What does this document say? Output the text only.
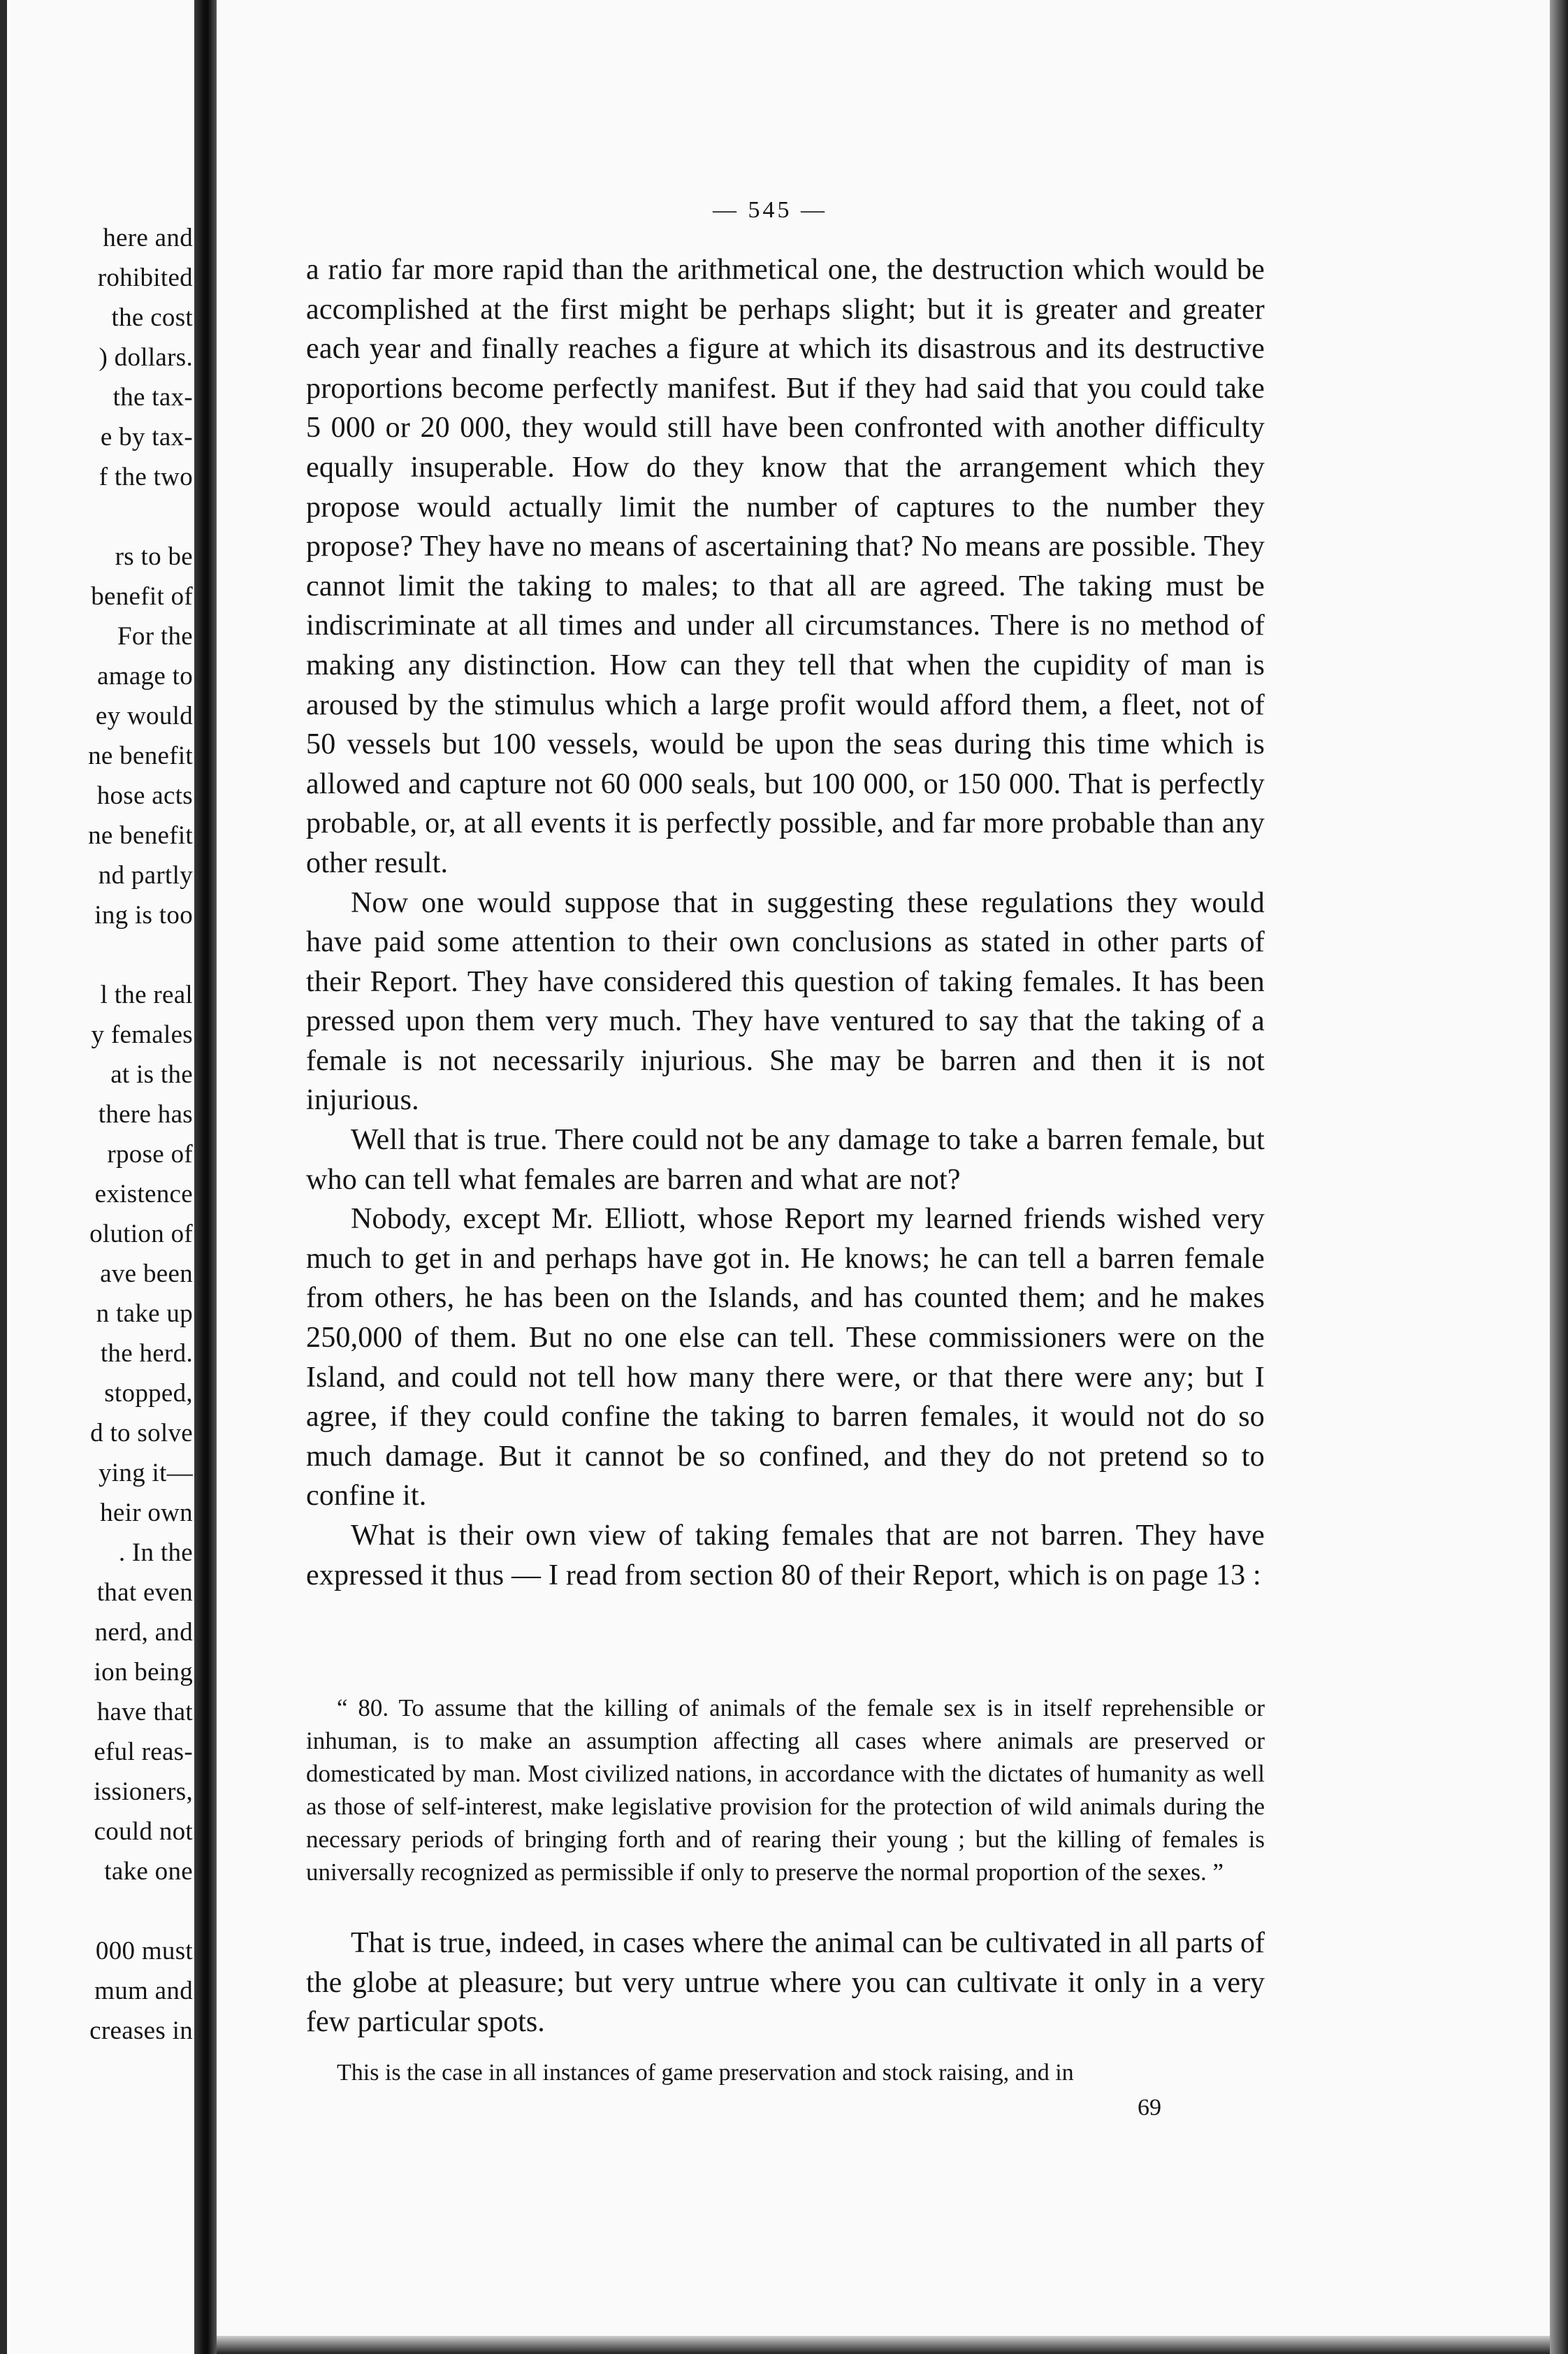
here and
rohibited
the cost
) dollars.
the tax-
e by tax-
f the two
rs to be
benefit of
For the
amage to
ey would
ne benefit
hose acts
ne benefit
nd partly
ing is too
l the real
y females
at is the
there has
rpose of
existence
olution of
ave been
n take up
the herd.
stopped,
d to solve
ying it—
heir own
. In the
that even
nerd, and
ion being
have that
eful reas-
issioners,
could not
take one
000 must
mum and
creases in
— 545 —

a ratio far more rapid than the arithmetical one, the destruction which would be accomplished at the first might be perhaps slight; but it is greater and greater each year and finally reaches a figure at which its disastrous and its destructive proportions become perfectly manifest. But if they had said that you could take 5 000 or 20 000, they would still have been confronted with another difficulty equally insuperable. How do they know that the arrangement which they propose would actually limit the number of captures to the number they propose? They have no means of ascertaining that? No means are possible. They cannot limit the taking to males; to that all are agreed. The taking must be indiscriminate at all times and under all circumstances. There is no method of making any distinction. How can they tell that when the cupidity of man is aroused by the stimulus which a large profit would afford them, a fleet, not of 50 vessels but 100 vessels, would be upon the seas during this time which is allowed and capture not 60 000 seals, but 100 000, or 150 000. That is perfectly probable, or, at all events it is perfectly possible, and far more probable than any other result.

Now one would suppose that in suggesting these regulations they would have paid some attention to their own conclusions as stated in other parts of their Report. They have considered this question of taking females. It has been pressed upon them very much. They have ventured to say that the taking of a female is not necessarily injurious. She may be barren and then it is not injurious.

Well that is true. There could not be any damage to take a barren female, but who can tell what females are barren and what are not?

Nobody, except Mr. Elliott, whose Report my learned friends wished very much to get in and perhaps have got in. He knows; he can tell a barren female from others, he has been on the Islands, and has counted them; and he makes 250,000 of them. But no one else can tell. These commissioners were on the Island, and could not tell how many there were, or that there were any; but I agree, if they could confine the taking to barren females, it would not do so much damage. But it cannot be so confined, and they do not pretend so to confine it.

What is their own view of taking females that are not barren. They have expressed it thus — I read from section 80 of their Report, which is on page 13 :

“ 80. To assume that the killing of animals of the female sex is in itself reprehensible or inhuman, is to make an assumption affecting all cases where animals are preserved or domesticated by man. Most civilized nations, in accordance with the dictates of humanity as well as those of self-interest, make legislative provision for the protection of wild animals during the necessary periods of bringing forth and of rearing their young ; but the killing of females is universally recognized as permissible if only to preserve the normal proportion of the sexes. ”

That is true, indeed, in cases where the animal can be cultivated in all parts of the globe at pleasure; but very untrue where you can cultivate it only in a very few particular spots.

This is the case in all instances of game preservation and stock raising, and in

69
